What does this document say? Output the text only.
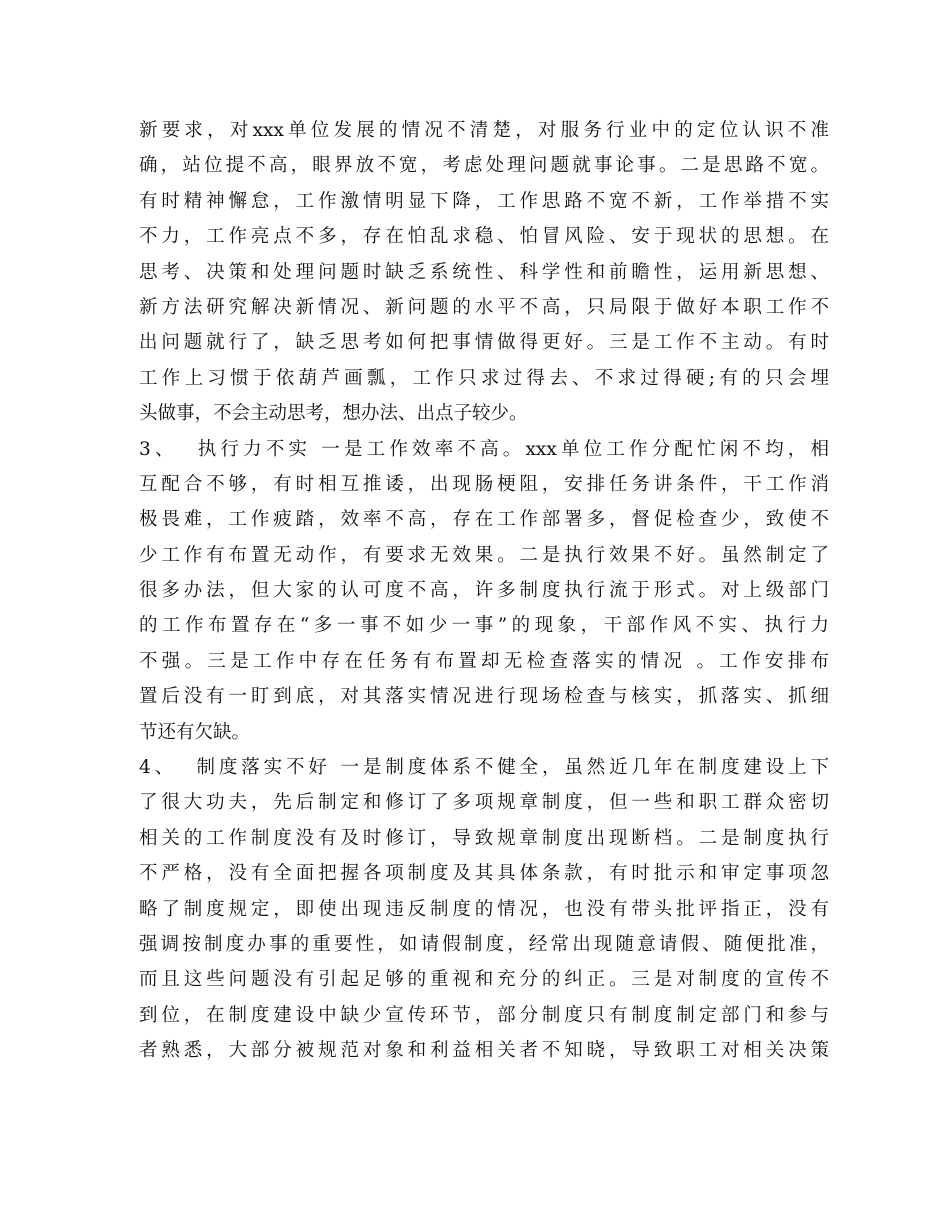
新要求，对xxx单位发展的情况不清楚，对服务行业中的定位认识不准
确，站位提不高，眼界放不宽，考虑处理问题就事论事。二是思路不宽。
有时精神懈怠，工作激情明显下降，工作思路不宽不新，工作举措不实
不力，工作亮点不多，存在怕乱求稳、怕冒风险、安于现状的思想。在
思考、决策和处理问题时缺乏系统性、科学性和前瞻性，运用新思想、
新方法研究解决新情况、新问题的水平不高，只局限于做好本职工作不
出问题就行了，缺乏思考如何把事情做得更好。三是工作不主动。有时
工作上习惯于依葫芦画瓢，工作只求过得去、不求过得硬;有的只会埋
头做事，不会主动思考，想办法、出点子较少。
3、  执行力不实 一是工作效率不高。xxx单位工作分配忙闲不均，相
互配合不够，有时相互推诿，出现肠梗阻，安排任务讲条件，干工作消
极畏难，工作疲踏，效率不高，存在工作部署多，督促检查少，致使不
少工作有布置无动作，有要求无效果。二是执行效果不好。虽然制定了
很多办法，但大家的认可度不高，许多制度执行流于形式。对上级部门
的工作布置存在“多一事不如少一事”的现象，干部作风不实、执行力
不强。三是工作中存在任务有布置却无检查落实的情况 。工作安排布
置后没有一盯到底，对其落实情况进行现场检查与核实，抓落实、抓细
节还有欠缺。
4、  制度落实不好 一是制度体系不健全，虽然近几年在制度建设上下
了很大功夫，先后制定和修订了多项规章制度，但一些和职工群众密切
相关的工作制度没有及时修订，导致规章制度出现断档。二是制度执行
不严格，没有全面把握各项制度及其具体条款，有时批示和审定事项忽
略了制度规定，即使出现违反制度的情况，也没有带头批评指正，没有
强调按制度办事的重要性，如请假制度，经常出现随意请假、随便批准，
而且这些问题没有引起足够的重视和充分的纠正。三是对制度的宣传不
到位，在制度建设中缺少宣传环节，部分制度只有制度制定部门和参与
者熟悉，大部分被规范对象和利益相关者不知晓，导致职工对相关决策
